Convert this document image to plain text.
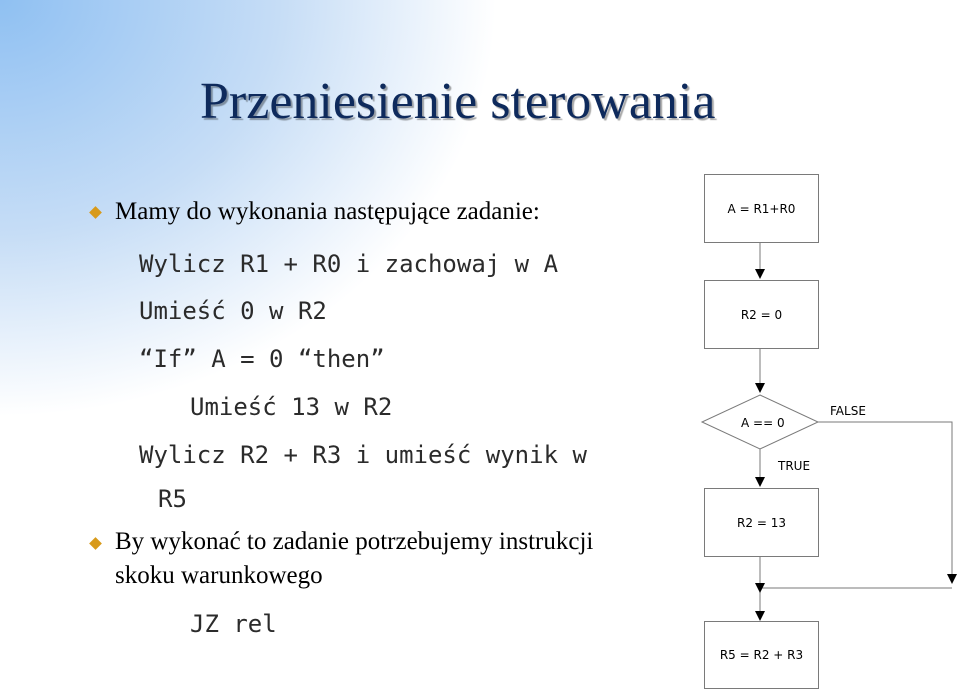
Przeniesienie sterowania
Mamy do wykonania następujące zadanie:
Wylicz R1 + R0 i zachowaj w A
Umieść 0 w R2
“If” A = 0 “then”
Umieść 13 w R2
Wylicz R2 + R3 i umieść wynik w
R5
By wykonać to zadanie potrzebujemy instrukcji
skoku warunkowego
JZ rel
A = R1+R0
R2 = 0
A == 0
FALSE
TRUE
R2 = 13
R5 = R2 + R3
